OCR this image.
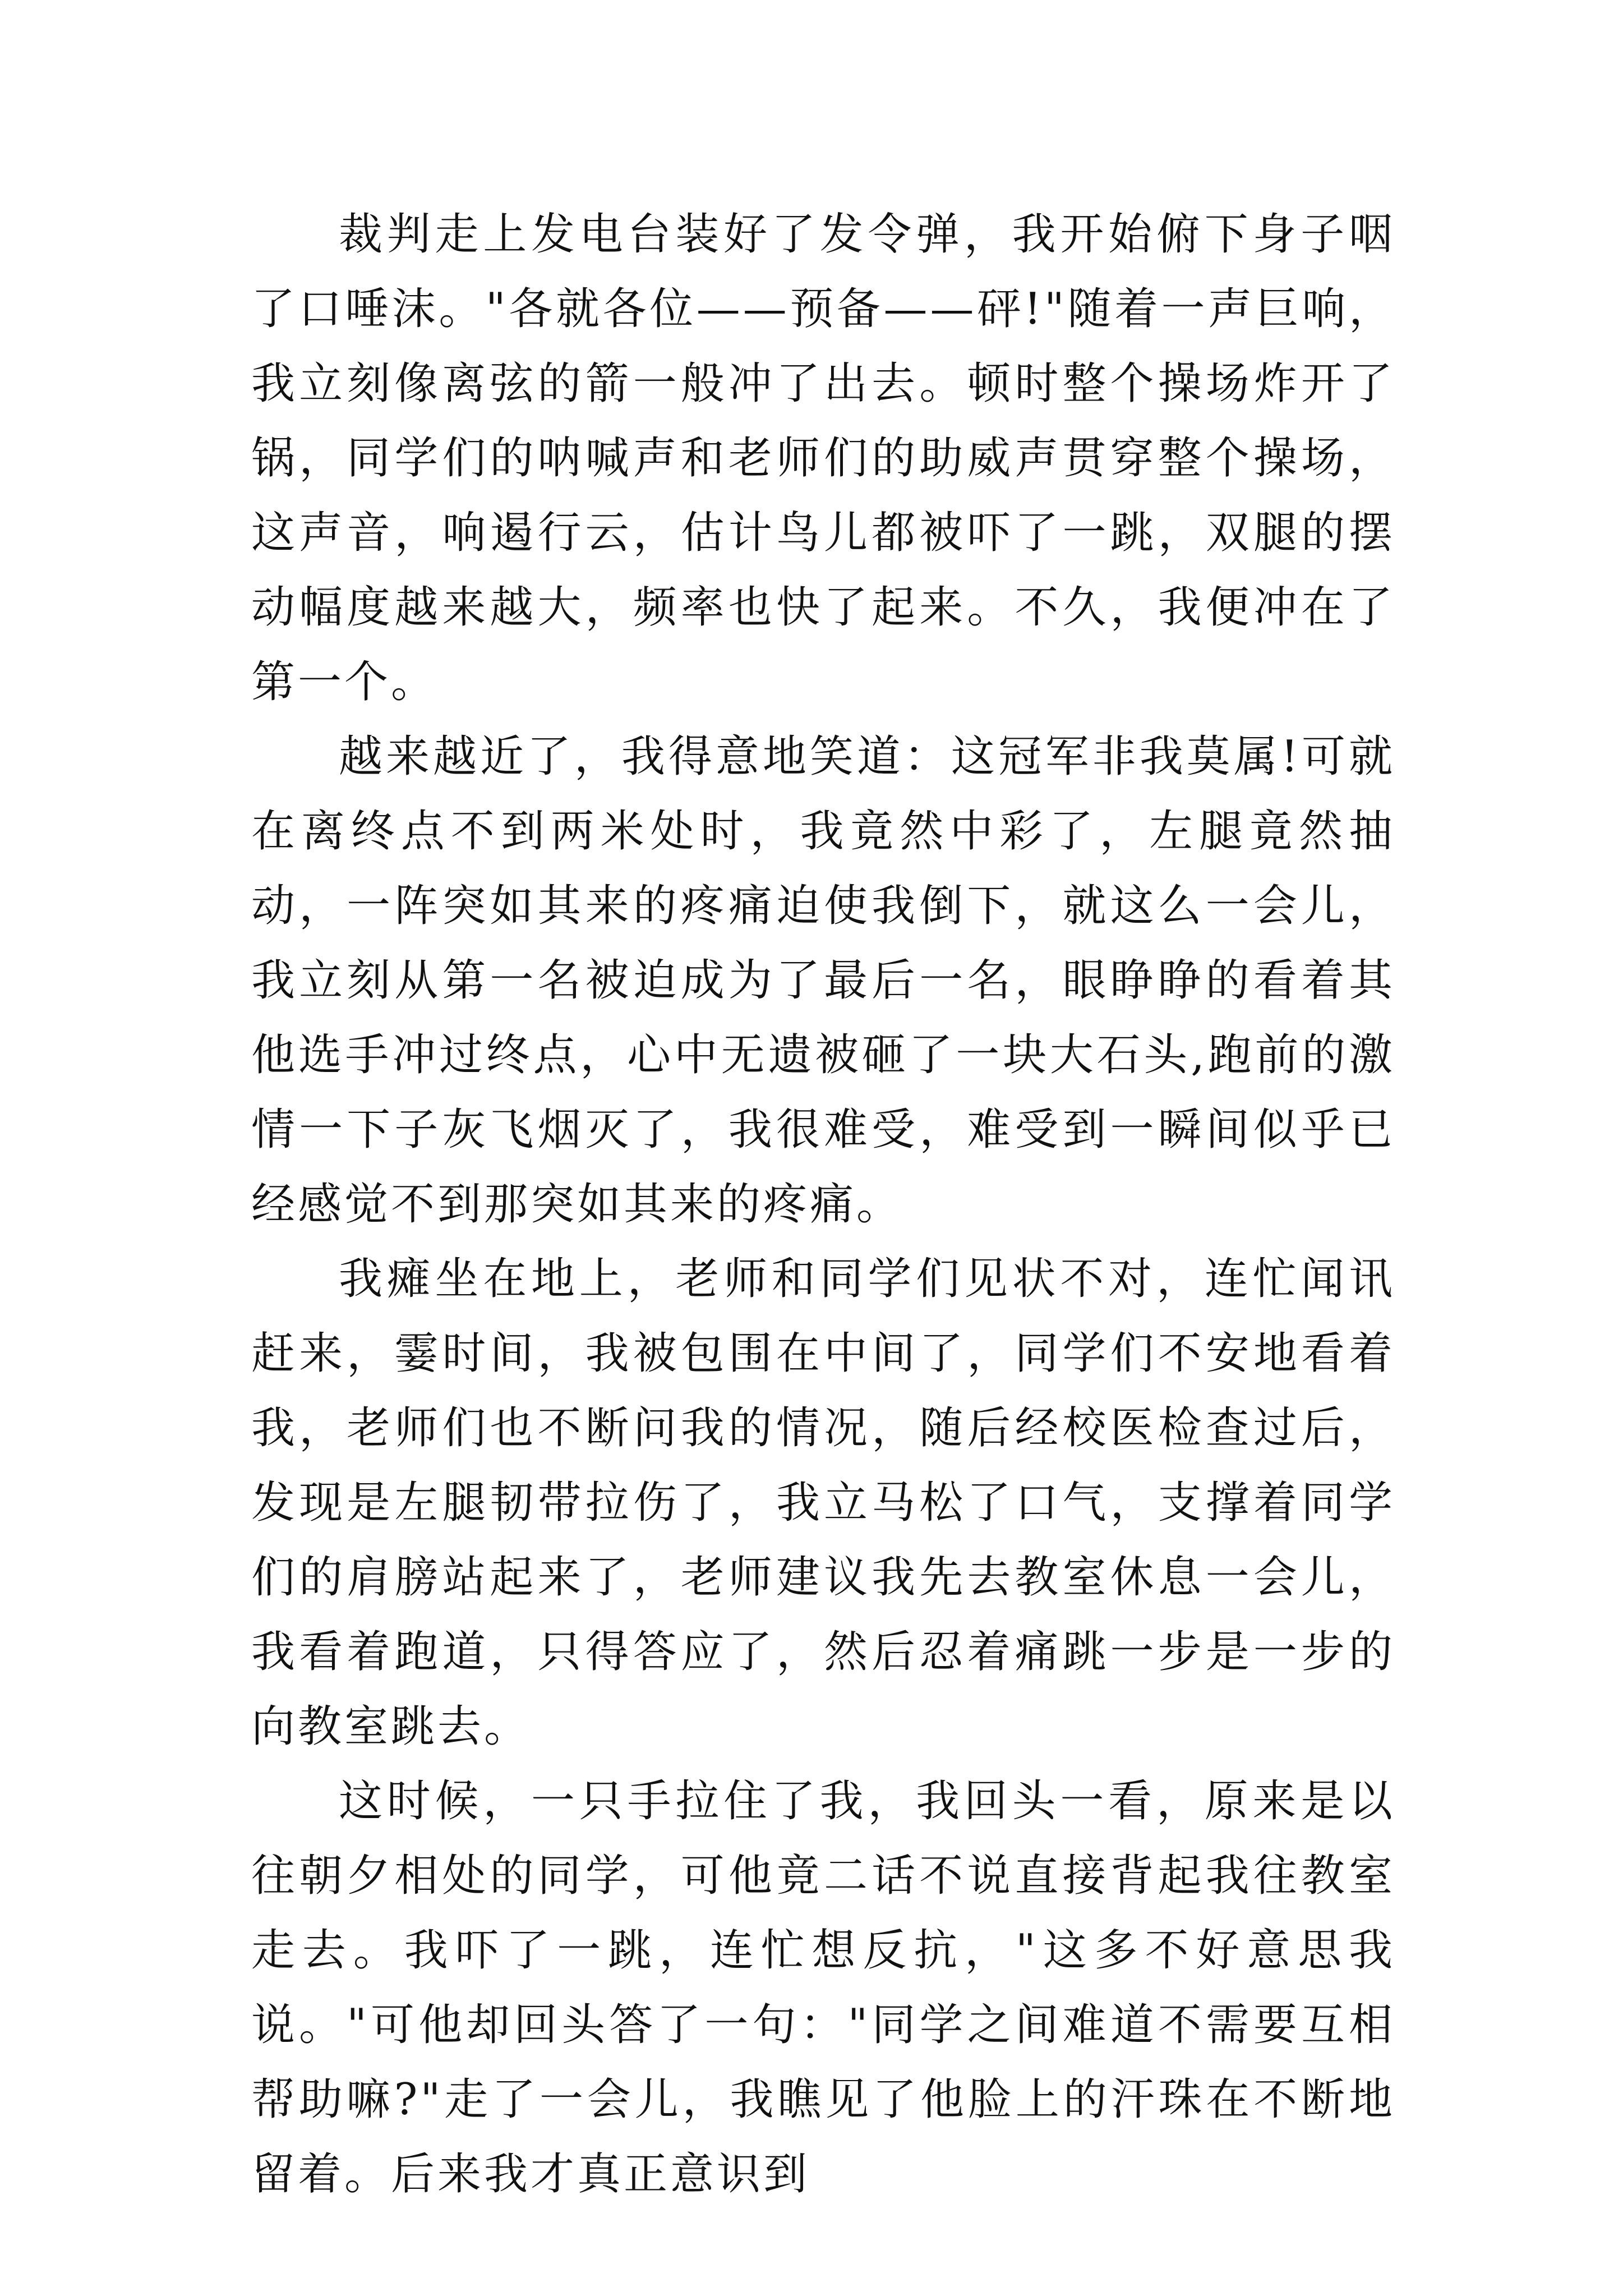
裁判走上发电台装好了发令弹，我开始俯下身子咽了口唾沫。"各就各位——预备——砰!"随着一声巨响，我立刻像离弦的箭一般冲了出去。顿时整个操场炸开了锅，同学们的呐喊声和老师们的助威声贯穿整个操场，这声音，响遏行云，估计鸟儿都被吓了一跳，双腿的摆动幅度越来越大，频率也快了起来。不久，我便冲在了第一个。

越来越近了，我得意地笑道：这冠军非我莫属!可就在离终点不到两米处时，我竟然中彩了，左腿竟然抽动，一阵突如其来的疼痛迫使我倒下，就这么一会儿，我立刻从第一名被迫成为了最后一名，眼睁睁的看着其他选手冲过终点，心中无遗被砸了一块大石头,跑前的激情一下子灰飞烟灭了，我很难受，难受到一瞬间似乎已经感觉不到那突如其来的疼痛。

我瘫坐在地上，老师和同学们见状不对，连忙闻讯赶来，霎时间，我被包围在中间了，同学们不安地看着我，老师们也不断问我的情况，随后经校医检查过后，发现是左腿韧带拉伤了，我立马松了口气，支撑着同学们的肩膀站起来了，老师建议我先去教室休息一会儿，我看着跑道，只得答应了，然后忍着痛跳一步是一步的向教室跳去。

这时候，一只手拉住了我，我回头一看，原来是以往朝夕相处的同学，可他竟二话不说直接背起我往教室走去。我吓了一跳，连忙想反抗，"这多不好意思我说。"可他却回头答了一句："同学之间难道不需要互相帮助嘛?"走了一会儿，我瞧见了他脸上的汗珠在不断地留着。后来我才真正意识到
